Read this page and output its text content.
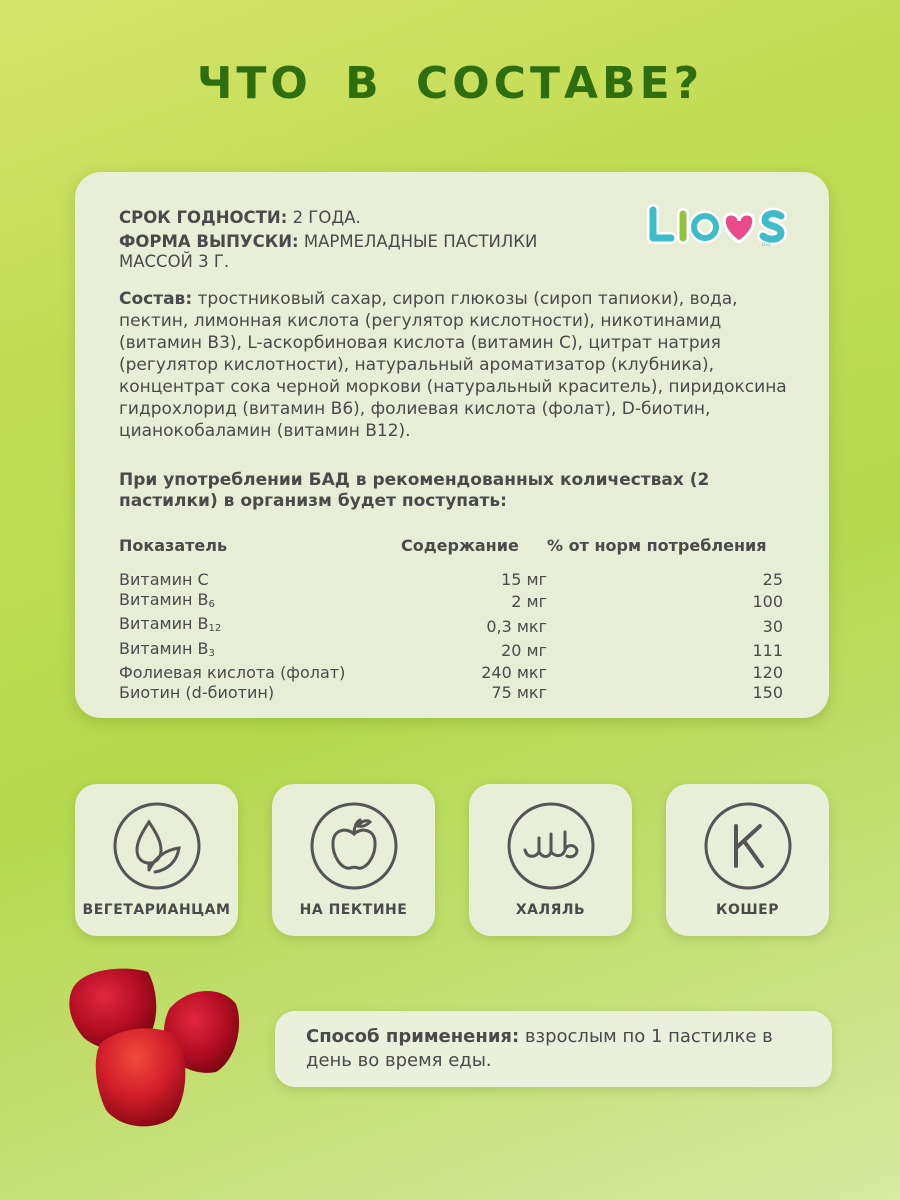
ЧТО В СОСТАВЕ?

СРОК ГОДНОСТИ: 2 ГОДА.

ФОРМА ВЫПУСКИ: МАРМЕЛАДНЫЕ ПАСТИЛКИ МАССОЙ 3 Г.

LIVS
Состав: тростниковый сахар, сироп глюкозы (сироп тапиоки), вода, пектин, лимонная кислота (регулятор кислотности), никотинамид (витамин В3), L-аскорбиновая кислота (витамин С), цитрат натрия (регулятор кислотности), натуральный ароматизатор (клубника), концентрат сока черной моркови (натуральный краситель), пиридоксина гидрохлорид (витамин В6), фолиевая кислота (фолат), D-биотин, цианокобаламин (витамин В12).
При употреблении БАД в рекомендованных количествах (2 пастилки) в организм будет поступать:
Показатель	Содержание	% от норм потребления
Витамин С	15 мг	25
Витамин $В_6$	2 мг	100
Витамин $В_{12}$	0,3 мкг	30
Витамин $В_3$	20 мг	111
Фолиевая кислота (фолат)	240 мкг	120
Биотин (d-биотин)	75 мкг	150
ВЕГЕТАРИАНЦАМ	НА ПЕКТИНЕ	ХАЛЯЛЬ	КОШЕР

Способ применения: взрослым по 1 пастилке в день во время еды.
